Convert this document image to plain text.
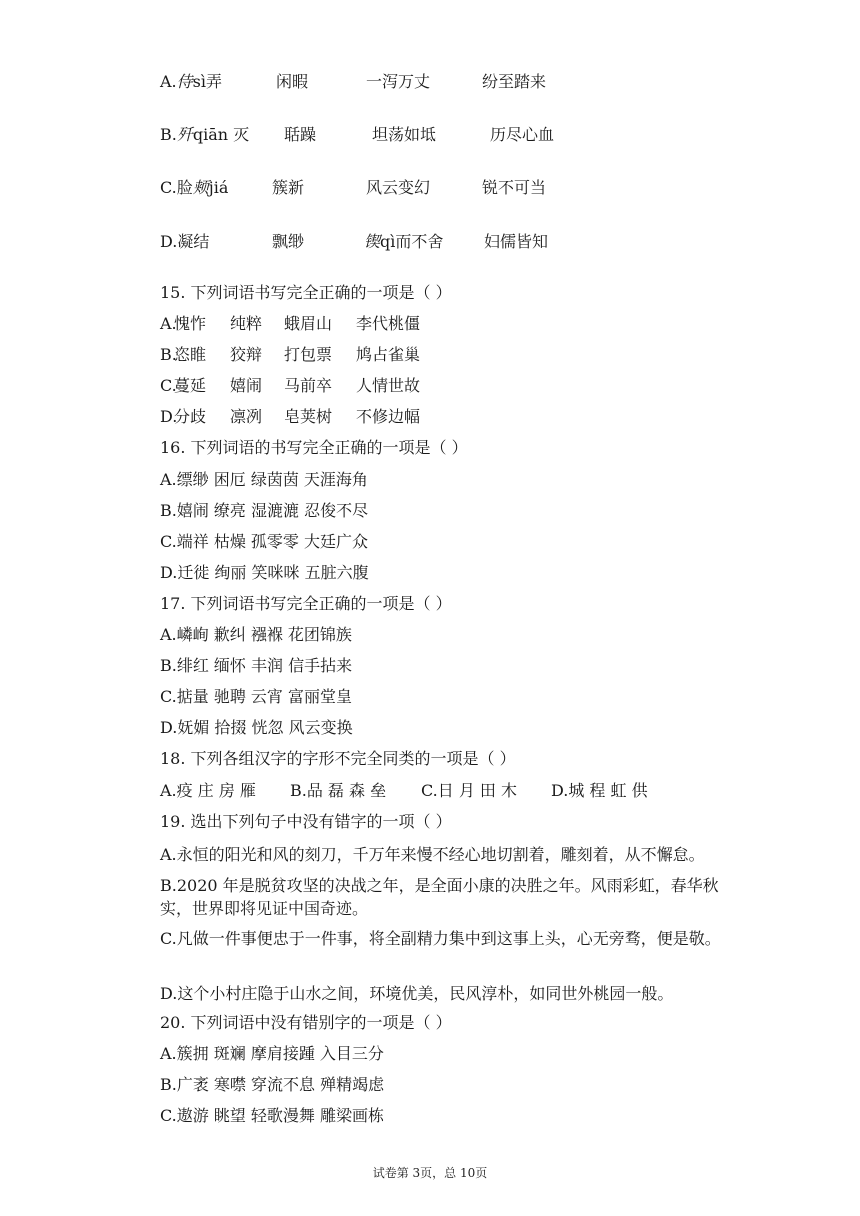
A.侍sì弄	闲暇	一泻万丈	纷至踏来
B.歼qiān 灭 聒躁	坦荡如坻	历尽心血
C.脸颊jiá	簇新	风云变幻	锐不可当
D.凝结	飘缈	锲qì而不舍	妇儒皆知
15. 下列词语书写完全正确的一项是（ ）
A.
愧怍 纯粹 蛾眉山 李代桃僵
B.
恣睢 狡辩 打包票 鸠占雀巢
C.
蔓延 嬉闹 马前卒 人情世故
D.
分歧 凛冽 皂荚树 不修边幅
16. 下列词语的书写完全正确的一项是（ ）
A.缥缈 困厄 绿茵茵 天涯海角
B.嬉闹 缭亮 湿漉漉 忍俊不尽
C.端祥 枯燥 孤零零 大廷广众
D.迁徙 绚丽 笑咪咪 五脏六腹
17. 下列词语书写完全正确的一项是（ ）
A.嶙峋 歉纠 襁褓 花团锦族
B.绯红 缅怀 丰润 信手拈来
C.掂量 驰聘 云宵 富丽堂皇
D.妩媚 拾掇 恍忽 风云变换
18. 下列各组汉字的字形不完全同类的一项是（ ）
A.疫 庄 房 雁 B.品 磊 森 垒 C.日 月 田 木 D.城 程 虹 供
19. 选出下列句子中没有错字的一项（ ）
A.永恒的阳光和风的刻刀，千万年来慢不经心地切割着，雕刻着，从不懈怠。
B.2020 年是脱贫攻坚的决战之年，是全面小康的决胜之年。风雨彩虹，春华秋实，世界即将见证中国奇迹。
C.凡做一件事便忠于一件事，将全副精力集中到这事上头，心无旁骛，便是敬。
D.这个小村庄隐于山水之间，环境优美，民风淳朴，如同世外桃园一般。
20. 下列词语中没有错别字的一项是（ ）
A.簇拥 斑斓 摩肩接踵 入目三分
B.广袤 寒噤 穿流不息 殚精竭虑
C.遨游 眺望 轻歌漫舞 雕梁画栋
试卷第 3页，总 10页
